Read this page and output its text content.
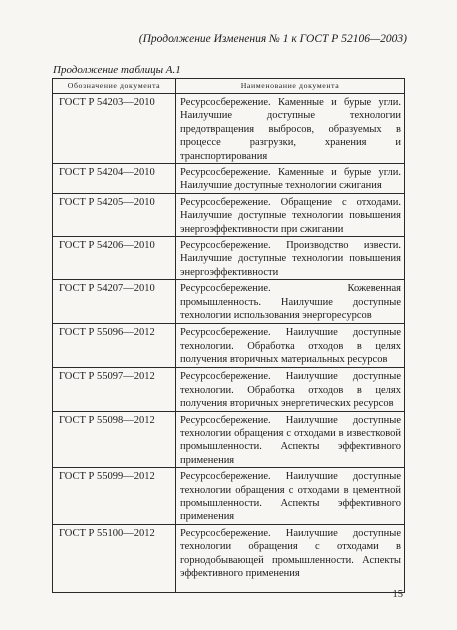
(Продолжение Изменения № 1 к ГОСТ Р 52106—2003)
Продолжение таблицы А.1
Обозначение документа	Наименование документа
ГОСТ Р 54203—2010	Ресурсосбережение. Каменные и бурые угли. Наилучшие доступные технологии предотвращения выбросов, образуемых в процессе разгрузки, хранения и транспортирования
ГОСТ Р 54204—2010	Ресурсосбережение. Каменные и бурые угли. Наилучшие доступные технологии сжигания
ГОСТ Р 54205—2010	Ресурсосбережение. Обращение с отходами. Наилучшие доступные технологии повышения энергоэффективности при сжигании
ГОСТ Р 54206—2010	Ресурсосбережение. Производство извести. Наилучшие доступные технологии повышения энергоэффективности
ГОСТ Р 54207—2010	Ресурсосбережение. Кожевенная промышленность. Наилучшие доступные технологии использования энергоресурсов
ГОСТ Р 55096—2012	Ресурсосбережение. Наилучшие доступные технологии. Обработка отходов в целях получения вторичных материальных ресурсов
ГОСТ Р 55097—2012	Ресурсосбережение. Наилучшие доступные технологии. Обработка отходов в целях получения вторичных энергетических ресурсов
ГОСТ Р 55098—2012	Ресурсосбережение. Наилучшие доступные технологии обращения с отходами в известковой промышленности. Аспекты эффективного применения
ГОСТ Р 55099—2012	Ресурсосбережение. Наилучшие доступные технологии обращения с отходами в цементной промышленности. Аспекты эффективного применения
ГОСТ Р 55100—2012	Ресурсосбережение. Наилучшие доступные технологии обращения с отходами в горнодобывающей промышленности. Аспекты эффективного применения
15
